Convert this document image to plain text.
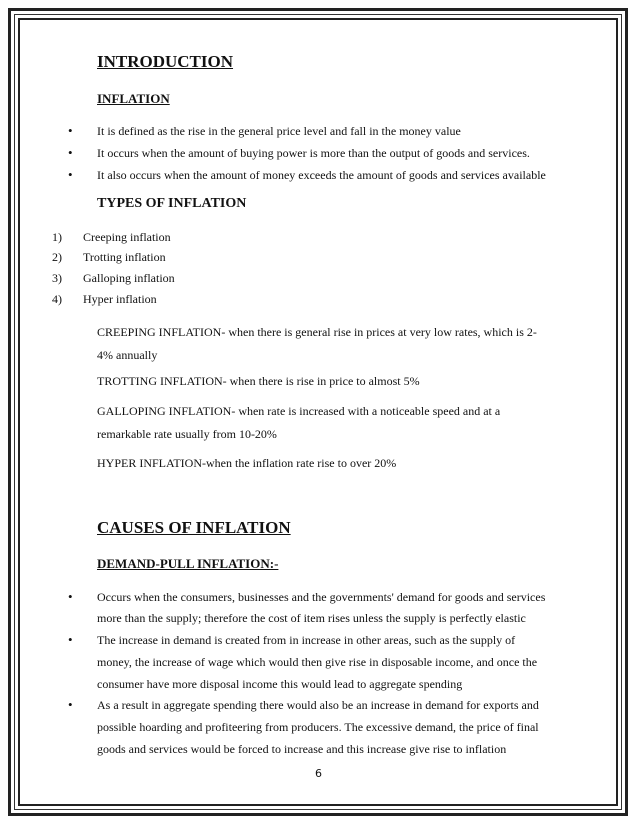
INTRODUCTION
INFLATION
• It is defined as the rise in the general price level and fall in the money value
• It occurs when the amount of buying power is more than the output of goods and services.
• It also occurs when the amount of money exceeds the amount of goods and services available
TYPES OF INFLATION
1) Creeping inflation
2) Trotting inflation
3) Galloping inflation
4) Hyper inflation
CREEPING INFLATION- when there is general rise in prices at very low rates, which is 2-
4% annually
TROTTING INFLATION- when there is rise in price to almost 5%
GALLOPING INFLATION- when rate is increased with a noticeable speed and at a
remarkable rate usually from 10-20%
HYPER INFLATION-when the inflation rate rise to over 20%
CAUSES OF INFLATION
DEMAND-PULL INFLATION:-
• Occurs when the consumers, businesses and the governments' demand for goods and services
more than the supply; therefore the cost of item rises unless the supply is perfectly elastic
• The increase in demand is created from in increase in other areas, such as the supply of
money, the increase of wage which would then give rise in disposable income, and once the
consumer have more disposal income this would lead to aggregate spending
• As a result in aggregate spending there would also be an increase in demand for exports and
possible hoarding and profiteering from producers. The excessive demand, the price of final
goods and services would be forced to increase and this increase give rise to inflation
6
